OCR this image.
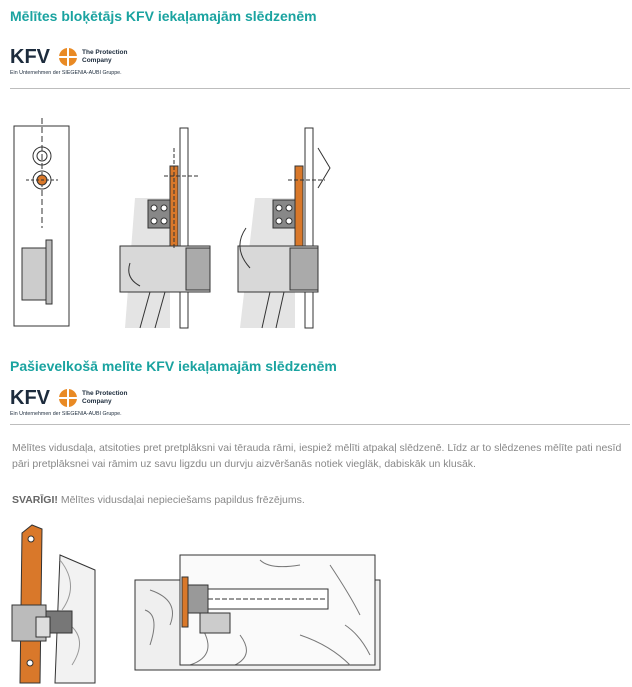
Mēlītes bloķētājs KFV iekaļamajām slēdzenēm
KFV	The Protection
Company
Ein Unternehmen der SIEGENIA-AUBI Gruppe.
Pašievelkošā melīte KFV iekaļamajām slēdzenēm
KFV	The Protection
Company
Ein Unternehmen der SIEGENIA-AUBI Gruppe.
Mēlītes vidusdaļa, atsitoties pret pretplāksni vai tērauda rāmi, iespiež mēlīti atpakaļ slēdzenē. Līdz ar to slēdzenes mēlīte pati nesīd pāri pretplāksnei vai rāmim uz savu ligzdu un durvju aizvēršanās notiek viegläk, dabiskāk un klusāk.
SVARĪGI! Mēlītes vidusdaļai nepieciešams papildus frēzējums.
